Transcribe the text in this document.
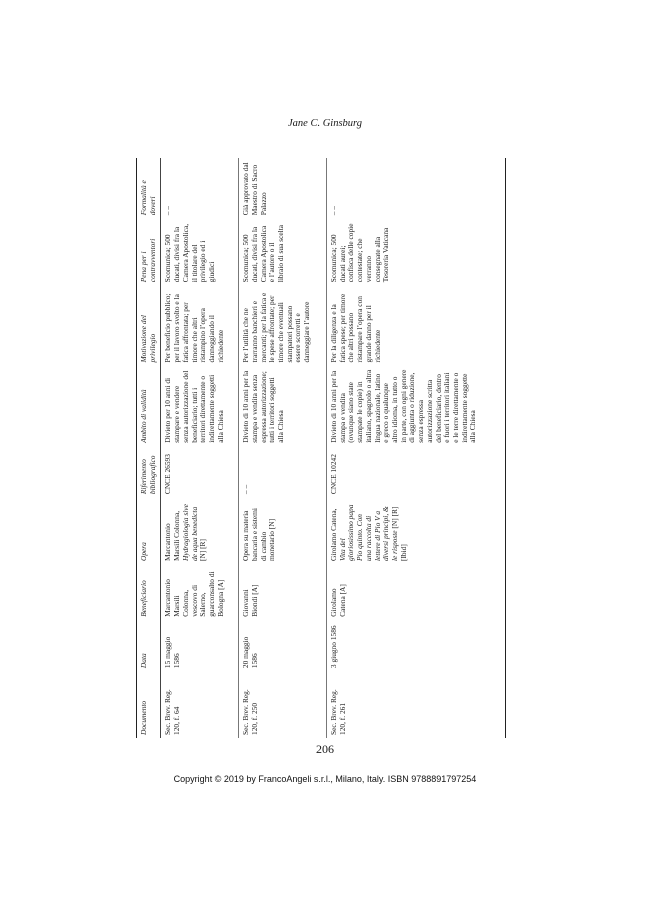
Jane C. Ginsburg
Documento	Data	Beneficiario	Opera	Riferimento bibliografico	Ambito di validità	Motivazione del privilegio	Pena per i contravventori	Formalità e doveri
Sec. Brev. Reg. 120, f. 64	15 maggio 1586	Marcantonio Marsili Colonna, vescovo di Salerno, guarconsalto di Bologna [A]	Marcantonio Marsili Colonna, Hydragiologia sive de aqua benedicta [N] [R]	CNCE 26593	Divieto per 10 anni di stampare e vendere senza autorizzazione del beneficiario; tutti i territori direttamente o indirettamente soggetti alla Chiesa	Per beneficio pubblico; per il lavoro svolto e la fatica affrontata; per timore che altri ristampino l’opera danneggiando il richiedente	Scomunica; 500 ducati, divisi fra la Camera Apostolica, il titolare del privilegio ed i giudici	– –
Sec. Brev. Reg. 120, f. 250	20 maggio 1586	Giovanni Biondi [A]	Opera su materia bancaria e sistemi di cambio monetario [N]	– –	Divieto di 10 anni per la stampa e vendita senza espressa autorizzazione; tutti i territori soggetti alla Chiesa	Per l’utilità che ne trarranno banchieri e mercanti; per la fatica e le spese affrontate; per timore che eventuali stampatori possano essere scorretti e danneggiare l’autore	Scomunica; 500 ducati, divisi fra la Camera Apostolica e l’autore o il libraio di sua scelta	Già approvato dal Maestro di Sacro Palazzo
Sec. Brev. Reg. 120, f. 261	3 giugno 1586	Girolamo Catena [A]	Girolamo Catena, Vita del gloriosissimo papa Pio quinto. Con una raccolta di lettere di Pio V a diversi principi, & le risposte [N] [R] [Ibid]	CNCE 10242	Divieto di 10 anni per la stampa e vendita (ovunque siano state stampate le copie) in italiano, spagnolo o altra lingua nazionale, latino e greco o qualunque altro idioma, in tutto o in parte, con ogni genere di aggiunta o riduzione, senza espressa autorizzazione scritta del beneficiario, dentro e fuori i territori italiani e le terre direttamente o indirettamente soggette alla Chiesa	Per la diligenza e la fatica spese; per timore che altri possano ristampare l’opera con grande danno per il richiedente	Scomunica; 500 ducati aurei; confisca delle copie contestate; che verranno consegnate alla Tesoreria Vaticana	– –
206
Copyright © 2019 by FrancoAngeli s.r.l., Milano, Italy. ISBN 9788891797254
